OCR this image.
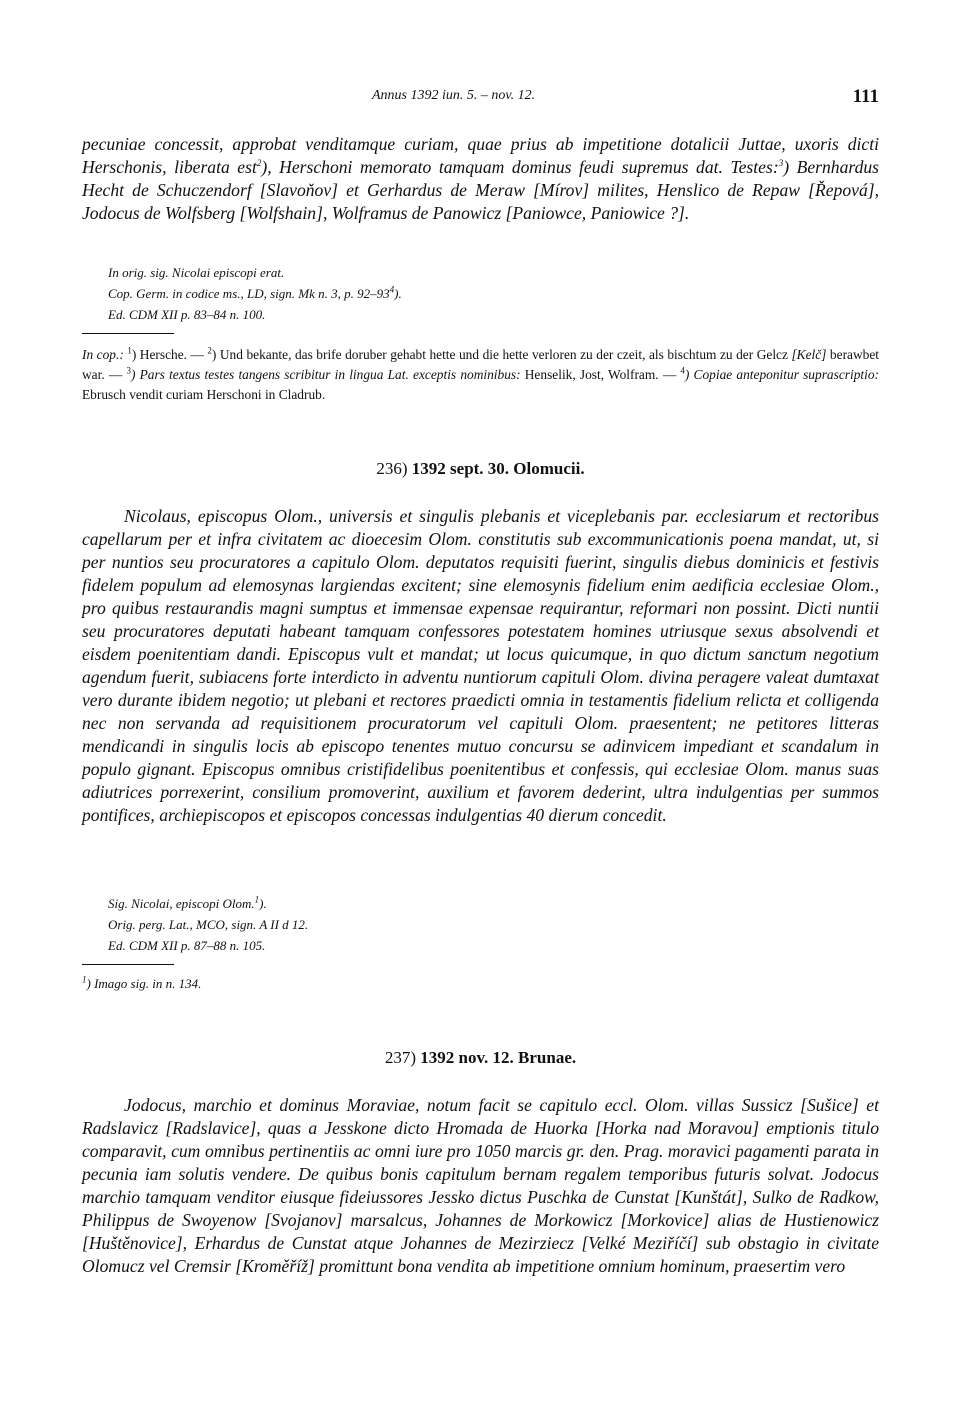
Annus 1392 iun. 5. – nov. 12.	111

pecuniae concessit, approbat venditamque curiam, quae prius ab impetitione dotalicii Juttae, uxoris dicti Herschonis, liberata est$^2$), Herschoni memorato tamquam dominus feudi supremus dat. Testes:$^3$) Bernhardus Hecht de Schuczendorf [Slavoňov] et Gerhardus de Meraw [Mírov] milites, Henslico de Repaw [Řepová], Jodocus de Wolfsberg [Wolfshain], Wolframus de Panowicz [Paniowce, Paniowice ?].

In orig. sig. Nicolai episcopi erat.
Cop. Germ. in codice ms., LD, sign. Mk n. 3, p. $92-93^4$).
Ed. CDM XII p. 83–84 n. 100.
In cop.: $^1$) Hersche. — $^2$) Und bekante, das brife doruber gehabt hette und die hette verloren zu der czeit, als bischtum zu der Gelcz [Kelč] berawbet war. — $^3$) Pars textus testes tangens scribitur in lingua Lat. exceptis nominibus: Henselik, Jost, Wolfram. — $^4$) Copiae anteponitur suprascriptio: Ebrusch vendit curiam Herschoni in Cladrub.
236) 1392 sept. 30. Olomucii.

Nicolaus, episcopus Olom., universis et singulis plebanis et viceplebanis par. ecclesiarum et rectoribus capellarum per et infra civitatem ac dioecesim Olom. constitutis sub excommunicationis poena mandat, ut, si per nuntios seu procuratores a capitulo Olom. deputatos requisiti fuerint, singulis diebus dominicis et festivis fidelem populum ad elemosynas largiendas excitent; sine elemosynis fidelium enim aedificia ecclesiae Olom., pro quibus restaurandis magni sumptus et immensae expensae requirantur, reformari non possint. Dicti nuntii seu procuratores deputati habeant tamquam confessores potestatem homines utriusque sexus absolvendi et eisdem poenitentiam dandi. Episcopus vult et mandat; ut locus quicumque, in quo dictum sanctum negotium agendum fuerit, subiacens forte interdicto in adventu nuntiorum capituli Olom. divina peragere valeat dumtaxat vero durante ibidem negotio; ut plebani et rectores praedicti omnia in testamentis fidelium relicta et colligenda nec non servanda ad requisitionem procuratorum vel capituli Olom. praesentent; ne petitores litteras mendicandi in singulis locis ab episcopo tenentes mutuo concursu se adinvicem impediant et scandalum in populo gignant. Episcopus omnibus cristifidelibus poenitentibus et confessis, qui ecclesiae Olom. manus suas adiutrices porrexerint, consilium promoverint, auxilium et favorem dederint, ultra indulgentias per summos pontifices, archiepiscopos et episcopos concessas indulgentias 40 dierum concedit.

Sig. Nicolai, episcopi Olom.$^1$).
Orig. perg. Lat., MCO, sign. A II d 12.
Ed. CDM XII p. 87–88 n. 105.
$^1$) Imago sig. in n. 134.
237) 1392 nov. 12. Brunae.

Jodocus, marchio et dominus Moraviae, notum facit se capitulo eccl. Olom. villas Sussicz [Sušice] et Radslavicz [Radslavice], quas a Jesskone dicto Hromada de Huorka [Horka nad Moravou] emptionis titulo comparavit, cum omnibus pertinentiis ac omni iure pro 1050 marcis gr. den. Prag. moravici pagamenti parata in pecunia iam solutis vendere. De quibus bonis capitulum bernam regalem temporibus futuris solvat. Jodocus marchio tamquam venditor eiusque fideiussores Jessko dictus Puschka de Cunstat [Kunštát], Sulko de Radkow, Philippus de Swoyenow [Svojanov] marsalcus, Johannes de Morkowicz [Morkovice] alias de Hustienowicz [Huštěnovice], Erhardus de Cunstat atque Johannes de Mezirziecz [Velké Meziříčí] sub obstagio in civitate Olomucz vel Cremsir [Kroměříž] promittunt bona vendita ab impetitione omnium hominum, praesertim vero
